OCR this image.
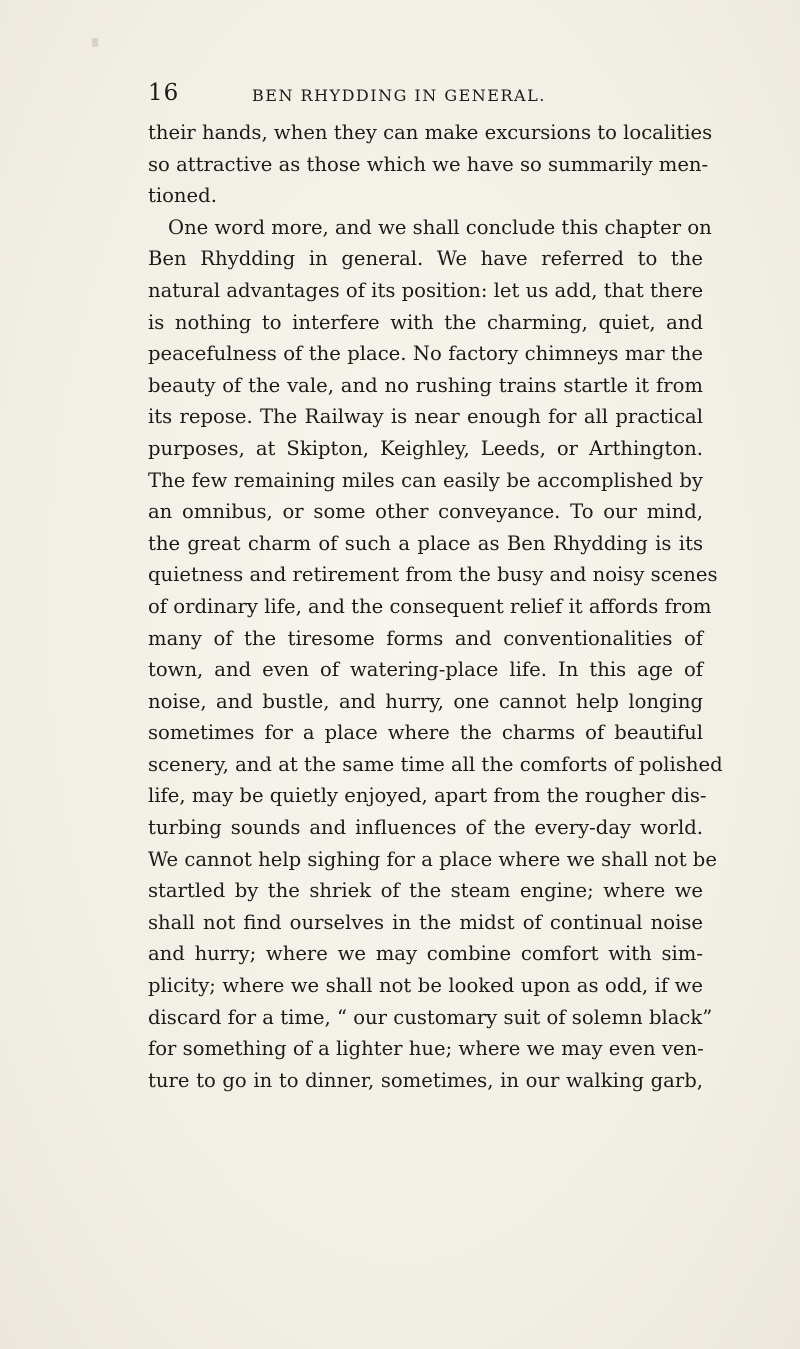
16	BEN RHYDDING IN GENERAL.
their hands, when they can make excursions to localities
so attractive as those which we have so summarily men-
tioned.
One word more, and we shall conclude this chapter on
Ben Rhydding in general. We have referred to the
natural advantages of its position: let us add, that there
is nothing to interfere with the charming, quiet, and
peacefulness of the place. No factory chimneys mar the
beauty of the vale, and no rushing trains startle it from
its repose. The Railway is near enough for all practical
purposes, at Skipton, Keighley, Leeds, or Arthington.
The few remaining miles can easily be accomplished by
an omnibus, or some other conveyance. To our mind,
the great charm of such a place as Ben Rhydding is its
quietness and retirement from the busy and noisy scenes
of ordinary life, and the consequent relief it affords from
many of the tiresome forms and conventionalities of
town, and even of watering-place life. In this age of
noise, and bustle, and hurry, one cannot help longing
sometimes for a place where the charms of beautiful
scenery, and at the same time all the comforts of polished
life, may be quietly enjoyed, apart from the rougher dis-
turbing sounds and influences of the every-day world.
We cannot help sighing for a place where we shall not be
startled by the shriek of the steam engine; where we
shall not find ourselves in the midst of continual noise
and hurry; where we may combine comfort with sim-
plicity; where we shall not be looked upon as odd, if we
discard for a time, “ our customary suit of solemn black”
for something of a lighter hue; where we may even ven-
ture to go in to dinner, sometimes, in our walking garb,
